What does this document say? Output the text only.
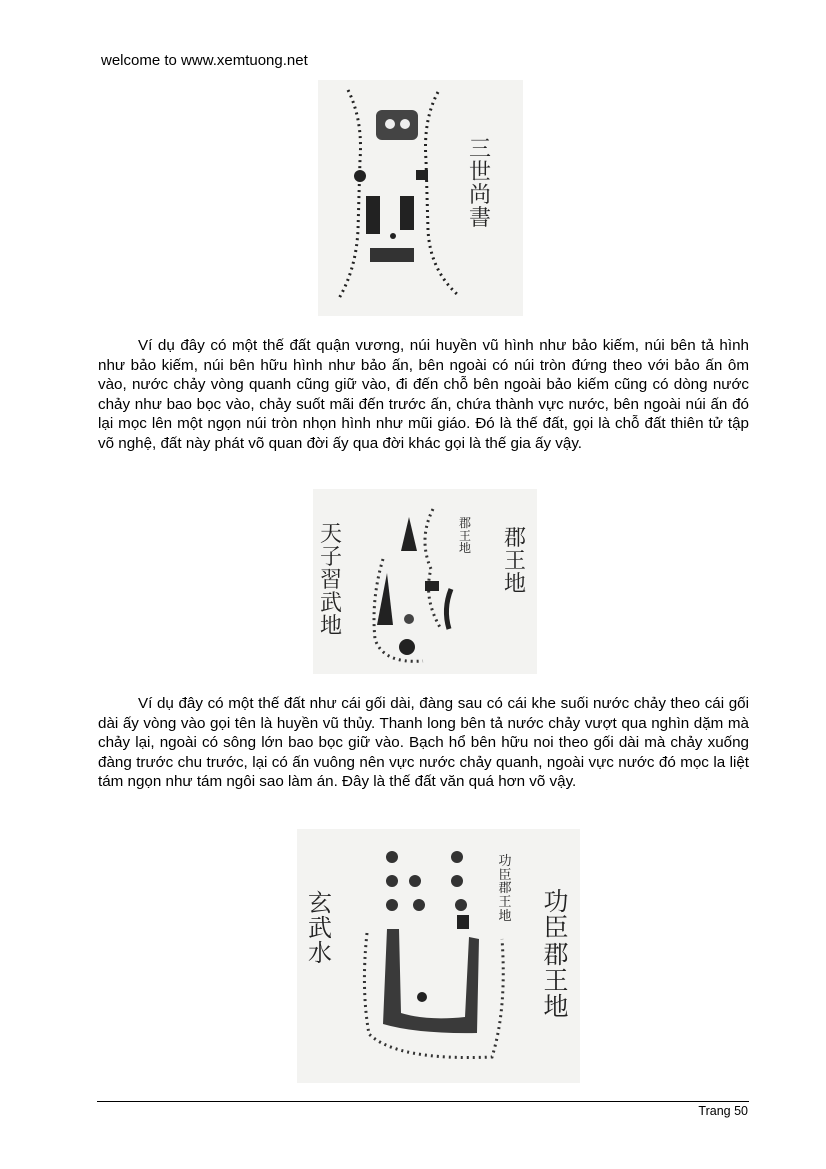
welcome to www.xemtuong.net
三世尚書

Ví dụ đây có một thế đất quận vương, núi huyền vũ hình như bảo kiếm, núi bên tả hình như bảo kiếm, núi bên hữu hình như bảo ấn, bên ngoài có núi tròn đứng theo với bảo ấn ôm vào, nước chảy vòng quanh cũng giữ vào, đi đến chỗ bên ngoài bảo kiếm cũng có dòng nước chảy như bao bọc vào, chảy suốt mãi đến trước ấn, chứa thành vực nước, bên ngoài núi ấn đó lại mọc lên một ngọn núi tròn nhọn hình như mũi giáo. Đó là thế đất, gọi là chỗ đất thiên tử tập võ nghệ, đất này phát võ quan đời ấy qua đời khác gọi là thế gia ấy vậy.

天子習武地
郡王地 郡王地

Ví dụ đây có một thế đất như cái gối dài, đàng sau có cái khe suối nước chảy theo cái gối dài ấy vòng vào gọi tên là huyền vũ thủy. Thanh long bên tả nước chảy vượt qua nghìn dặm mà chảy lại, ngoài có sông lớn bao bọc giữ vào. Bạch hổ bên hữu noi theo gối dài mà chảy xuống đàng trước chu trước, lại có ấn vuông nên vực nước chảy quanh, ngoài vực nước đó mọc la liệt tám ngọn như tám ngôi sao làm án. Đây là thế đất văn quá hơn võ vậy.

玄武水
功臣郡王地
功臣郡王地
Trang 50
